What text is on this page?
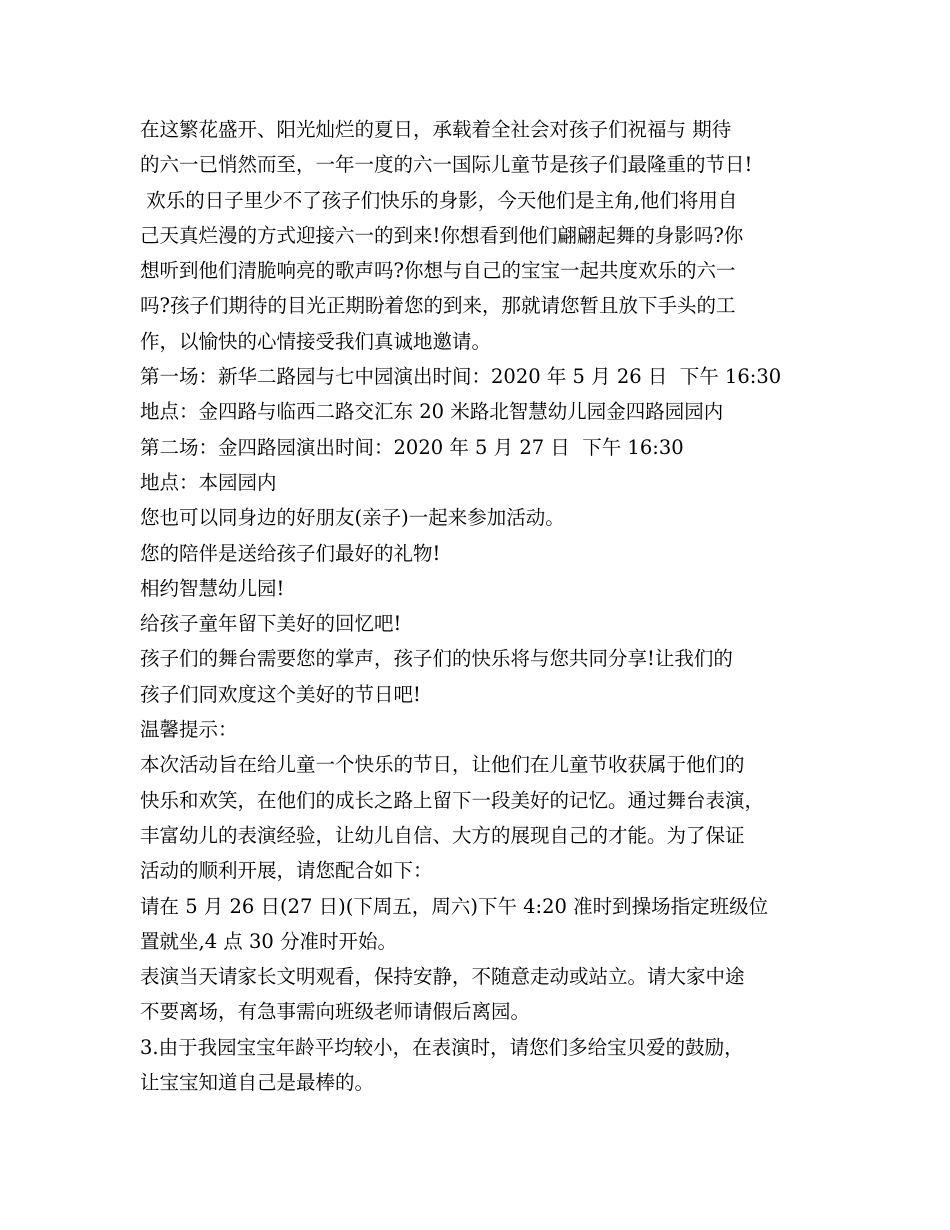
在这繁花盛开、阳光灿烂的夏日，承载着全社会对孩子们祝福与 期待
的六一已悄然而至，一年一度的六一国际儿童节是孩子们最隆重的节日!
欢乐的日子里少不了孩子们快乐的身影，今天他们是主角,他们将用自
己天真烂漫的方式迎接六一的到来!你想看到他们翩翩起舞的身影吗?你
想听到他们清脆响亮的歌声吗?你想与自己的宝宝一起共度欢乐的六一
吗?孩子们期待的目光正期盼着您的到来，那就请您暂且放下手头的工
作，以愉快的心情接受我们真诚地邀请。
第一场：新华二路园与七中园演出时间：2020 年 5 月 26 日  下午 16:30
地点：金四路与临西二路交汇东 20 米路北智慧幼儿园金四路园园内
第二场：金四路园演出时间：2020 年 5 月 27 日  下午 16:30
地点：本园园内
您也可以同身边的好朋友(亲子)一起来参加活动。
您的陪伴是送给孩子们最好的礼物!
相约智慧幼儿园!
给孩子童年留下美好的回忆吧!
孩子们的舞台需要您的掌声，孩子们的快乐将与您共同分享!让我们的
孩子们同欢度这个美好的节日吧!
温馨提示：
本次活动旨在给儿童一个快乐的节日，让他们在儿童节收获属于他们的
快乐和欢笑，在他们的成长之路上留下一段美好的记忆。通过舞台表演，
丰富幼儿的表演经验，让幼儿自信、大方的展现自己的才能。为了保证
活动的顺利开展，请您配合如下：
请在 5 月 26 日(27 日)(下周五，周六)下午 4:20 准时到操场指定班级位
置就坐,4 点 30 分准时开始。
表演当天请家长文明观看，保持安静，不随意走动或站立。请大家中途
不要离场，有急事需向班级老师请假后离园。
3.由于我园宝宝年龄平均较小，在表演时，请您们多给宝贝爱的鼓励，
让宝宝知道自己是最棒的。
